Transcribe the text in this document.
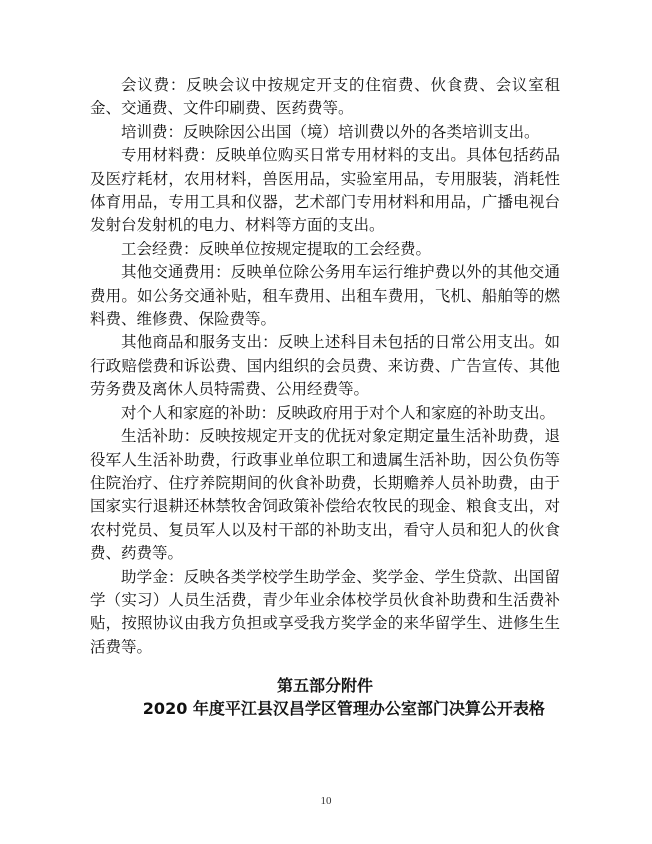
会议费：反映会议中按规定开支的住宿费、伙食费、会议室租金、交通费、文件印刷费、医药费等。

培训费：反映除因公出国（境）培训费以外的各类培训支出。

专用材料费：反映单位购买日常专用材料的支出。具体包括药品及医疗耗材，农用材料，兽医用品，实验室用品，专用服装，消耗性体育用品，专用工具和仪器，艺术部门专用材料和用品，广播电视台发射台发射机的电力、材料等方面的支出。

工会经费：反映单位按规定提取的工会经费。

其他交通费用：反映单位除公务用车运行维护费以外的其他交通费用。如公务交通补贴，租车费用、出租车费用，飞机、船舶等的燃料费、维修费、保险费等。

其他商品和服务支出：反映上述科目未包括的日常公用支出。如行政赔偿费和诉讼费、国内组织的会员费、来访费、广告宣传、其他劳务费及离休人员特需费、公用经费等。

对个人和家庭的补助：反映政府用于对个人和家庭的补助支出。

生活补助：反映按规定开支的优抚对象定期定量生活补助费，退役军人生活补助费，行政事业单位职工和遗属生活补助，因公负伤等住院治疗、住疗养院期间的伙食补助费，长期赡养人员补助费，由于国家实行退耕还林禁牧舍饲政策补偿给农牧民的现金、粮食支出，对农村党员、复员军人以及村干部的补助支出，看守人员和犯人的伙食费、药费等。

助学金：反映各类学校学生助学金、奖学金、学生贷款、出国留学（实习）人员生活费，青少年业余体校学员伙食补助费和生活费补贴，按照协议由我方负担或享受我方奖学金的来华留学生、进修生生活费等。

第五部分附件
2020 年度平江县汉昌学区管理办公室部门决算公开表格
10
